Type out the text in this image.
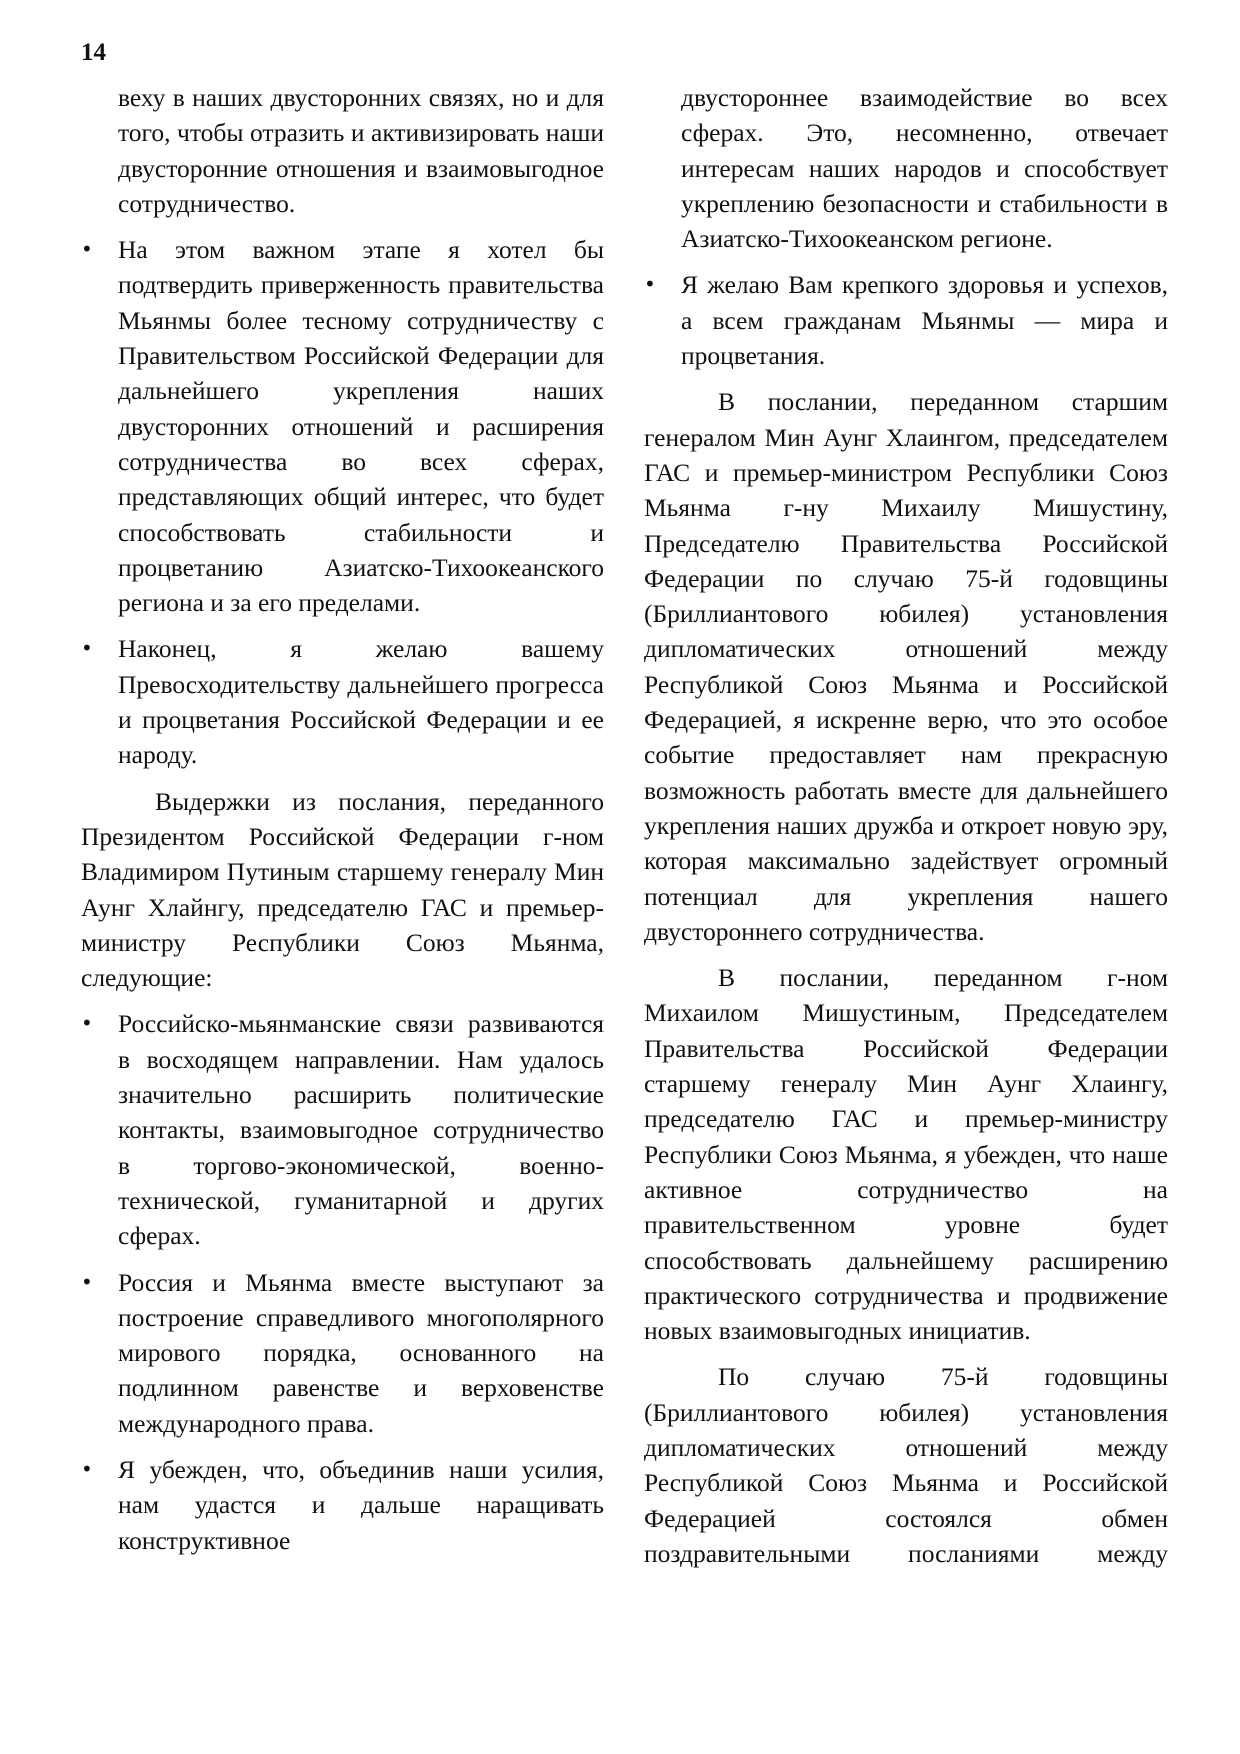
14

веху в наших двусторонних связях, но и для того, чтобы отразить и активизировать наши двусторонние отношения и взаимовыгодное сотрудничество.

• На этом важном этапе я хотел бы подтвердить приверженность правительства Мьянмы более тесному сотрудничеству с Правительством Российской Федерации для дальнейшего укрепления наших двусторонних отношений и расширения сотрудничества во всех сферах, представляющих общий интерес, что будет способствовать стабильности и процветанию Азиатско-Тихоокеанского региона и за его пределами.
• Наконец, я желаю вашему Превосходительству дальнейшего прогресса и процветания Российской Федерации и ее народу.

Выдержки из послания, переданного Президентом Российской Федерации г-ном Владимиром Путиным старшему генералу Мин Аунг Хлайнгу, председателю ГАС и премьер-министру Республики Союз Мьянма, следующие:

• Российско-мьянманские связи развиваются в восходящем направлении. Нам удалось значительно расширить политические контакты, взаимовыгодное сотрудничество в торгово-экономической, военно-технической, гуманитарной и других сферах.
• Россия и Мьянма вместе выступают за построение справедливого многополярного мирового порядка, основанного на подлинном равенстве и верховенстве международного права.
• Я убежден, что, объединив наши усилия, нам удастся и дальше наращивать конструктивное

двустороннее взаимодействие во всех сферах. Это, несомненно, отвечает интересам наших народов и способствует укреплению безопасности и стабильности в Азиатско-Тихоокеанском регионе.

• Я желаю Вам крепкого здоровья и успехов, а всем гражданам Мьянмы — мира и процветания.

В послании, переданном старшим генералом Мин Аунг Хлаингом, председателем ГАС и премьер-министром Республики Союз Мьянма г-ну Михаилу Мишустину, Председателю Правительства Российской Федерации по случаю 75-й годовщины (Бриллиантового юбилея) установления дипломатических отношений между Республикой Союз Мьянма и Российской Федерацией, я искренне верю, что это особое событие предоставляет нам прекрасную возможность работать вместе для дальнейшего укрепления наших дружба и откроет новую эру, которая максимально задействует огромный потенциал для укрепления нашего двустороннего сотрудничества.

В послании, переданном г-ном Михаилом Мишустиным, Председателем Правительства Российской Федерации старшему генералу Мин Аунг Хлаингу, председателю ГАС и премьер-министру Республики Союз Мьянма, я убежден, что наше активное сотрудничество на правительственном уровне будет способствовать дальнейшему расширению практического сотрудничества и продвижение новых взаимовыгодных инициатив.

По случаю 75-й годовщины (Бриллиантового юбилея) установления дипломатических отношений между Республикой Союз Мьянма и Российской Федерацией состоялся обмен поздравительными посланиями между
